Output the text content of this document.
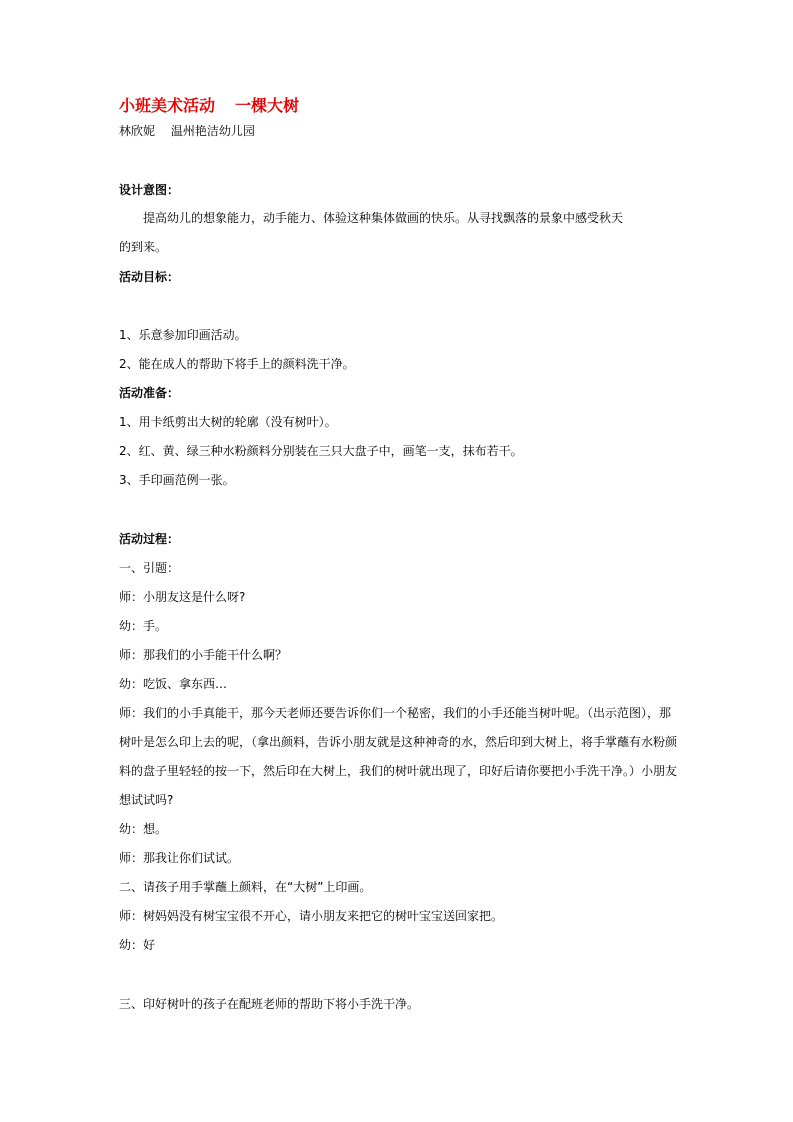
小班美术活动 一棵大树
林欣妮　 温州艳洁幼儿园
设计意图：
提高幼儿的想象能力，动手能力、体验这种集体做画的快乐。从寻找飘落的景象中感受秋天
的到来。
活动目标：
1、乐意参加印画活动。
2、能在成人的帮助下将手上的颜料洗干净。
活动准备：
1、用卡纸剪出大树的轮廓（没有树叶）。
2、红、黄、绿三种水粉颜料分别装在三只大盘子中，画笔一支，抹布若干。
3、手印画范例一张。
活动过程：
一、引题：
师：小朋友这是什么呀?
幼：手。
师：那我们的小手能干什么啊？
幼：吃饭、拿东西…
师：我们的小手真能干，那今天老师还要告诉你们一个秘密，我们的小手还能当树叶呢。（出示范图），那树叶是怎么印上去的呢，（拿出颜料，告诉小朋友就是这种神奇的水，然后印到大树上，将手掌蘸有水粉颜料的盘子里轻轻的按一下，然后印在大树上，我们的树叶就出现了，印好后请你要把小手洗干净。）小朋友想试试吗?
幼：想。
师：那我让你们试试。
二、请孩子用手掌蘸上颜料，在“大树”上印画。
师：树妈妈没有树宝宝很不开心，请小朋友来把它的树叶宝宝送回家把。
幼：好
三、印好树叶的孩子在配班老师的帮助下将小手洗干净。
